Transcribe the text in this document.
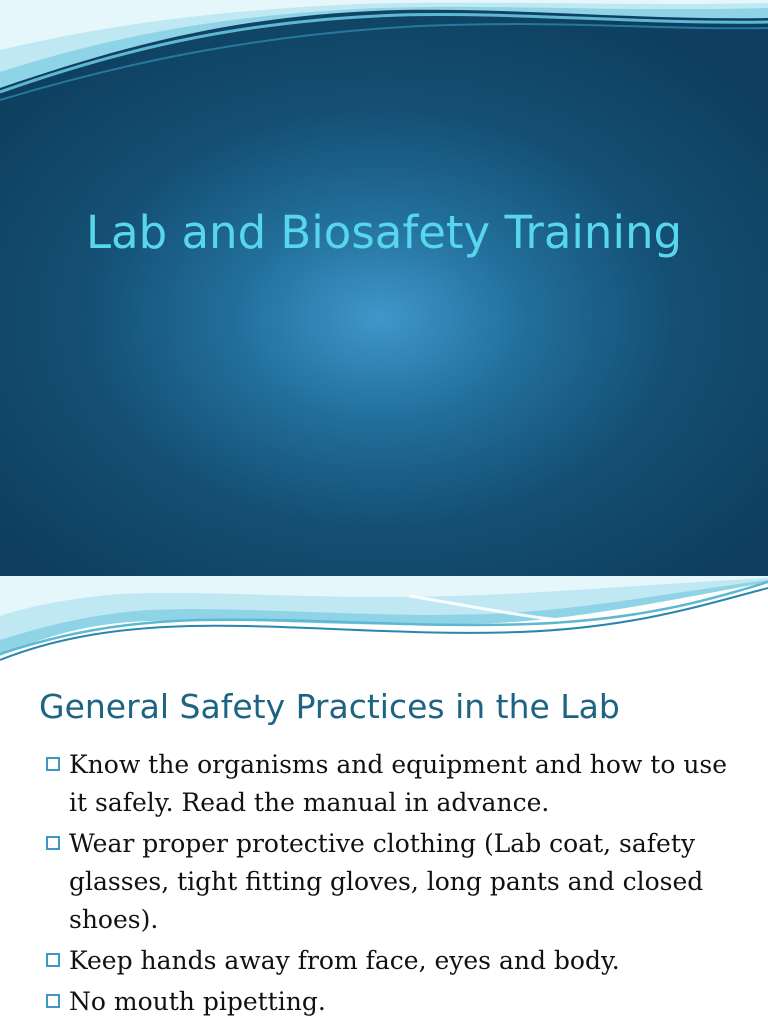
Lab and Biosafety Training
General Safety Practices in the Lab
Know the organisms and equipment and how to use it safely. Read the manual in advance.
Wear proper protective clothing (Lab coat, safety glasses, tight fitting gloves, long pants and closed shoes).
Keep hands away from face, eyes and body.
No mouth pipetting.
